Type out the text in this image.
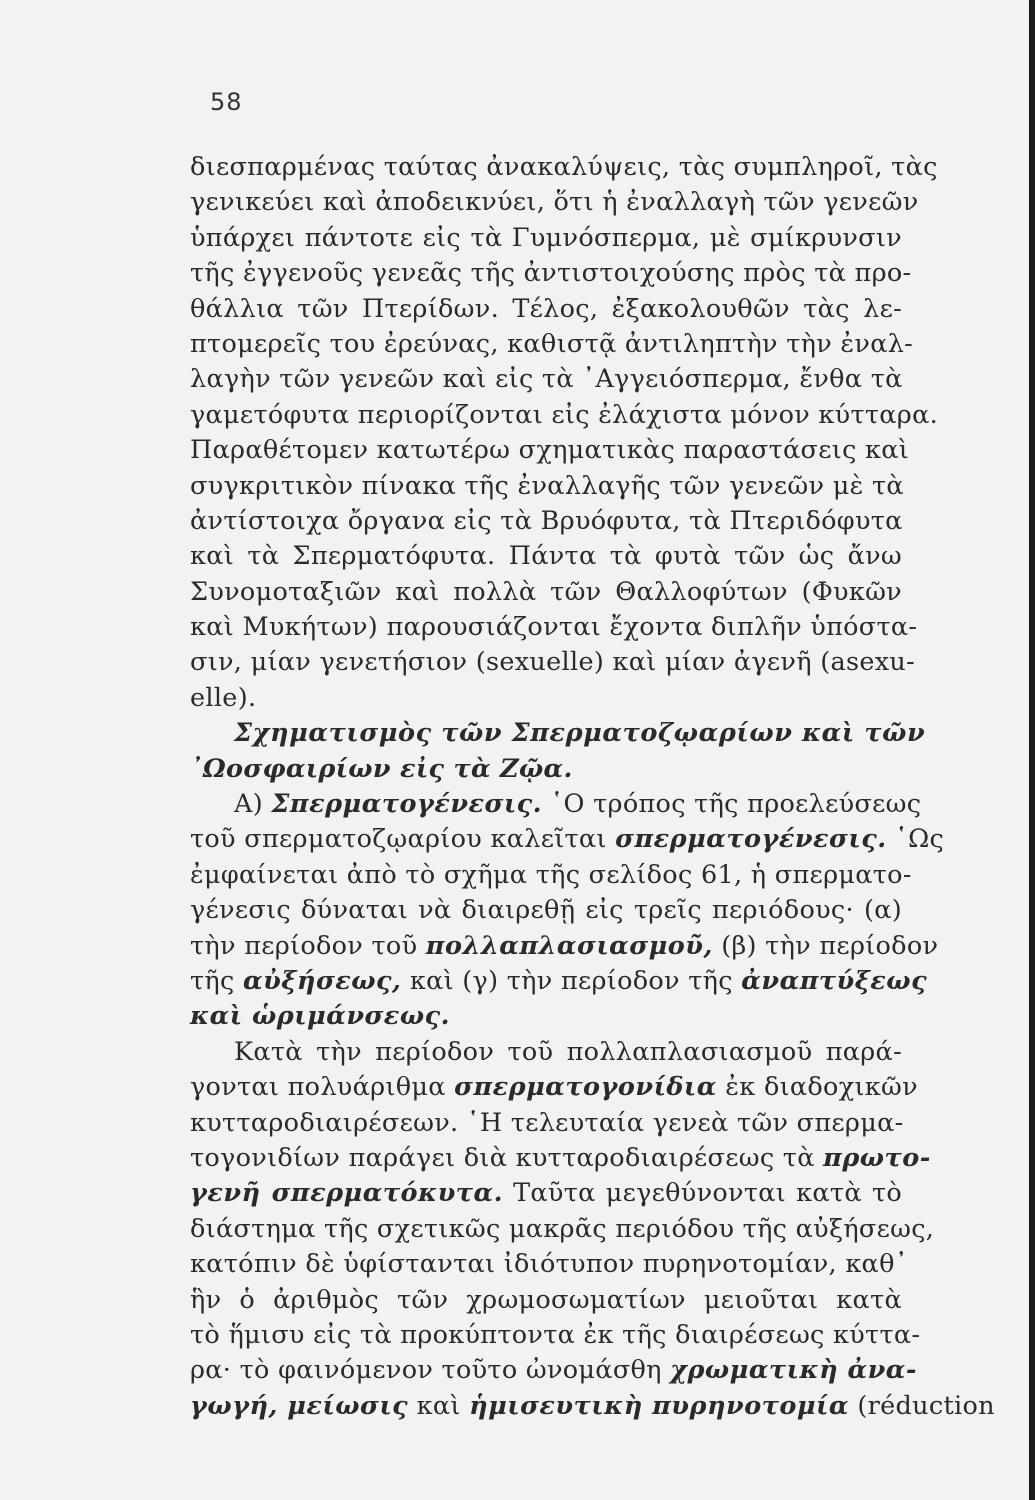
58
διεσπαρμένας ταύτας ἀνακαλύψεις, τὰς συμπληροῖ, τὰς
γενικεύει καὶ ἀποδεικνύει, ὅτι ἡ ἐναλλαγὴ τῶν γενεῶν
ὑπάρχει πάντοτε εἰς τὰ Γυμνόσπερμα, μὲ σμίκρυνσιν
τῆς ἐγγενοῦς γενεᾶς τῆς ἀντιστοιχούσης πρὸς τὰ προ-
θάλλια τῶν Πτερίδων. Τέλος, ἐξακολουθῶν τὰς λε-
πτομερεῖς του ἐρεύνας, καθιστᾷ ἀντιληπτὴν τὴν ἐναλ-
λαγὴν τῶν γενεῶν καὶ εἰς τὰ ᾿Αγγειόσπερμα, ἔνθα τὰ
γαμετόφυτα περιορίζονται εἰς ἐλάχιστα μόνον κύτταρα.
Παραθέτομεν κατωτέρω σχηματικὰς παραστάσεις καὶ
συγκριτικὸν πίνακα τῆς ἐναλλαγῆς τῶν γενεῶν μὲ τὰ
ἀντίστοιχα ὄργανα εἰς τὰ Βρυόφυτα, τὰ Πτεριδόφυτα
καὶ τὰ Σπερματόφυτα. Πάντα τὰ φυτὰ τῶν ὡς ἄνω
Συνομοταξιῶν καὶ πολλὰ τῶν Θαλλοφύτων (Φυκῶν
καὶ Μυκήτων) παρουσιάζονται ἔχοντα διπλῆν ὑπόστα-
σιν, μίαν γενετήσιον (sexuelle) καὶ μίαν ἀγενῆ (asexu-
elle).
Σχηματισμὸς τῶν Σπερματοζῳαρίων καὶ τῶν
᾿Ωοσφαιρίων εἰς τὰ Ζῷα.
Α) Σπερματογένεσις. ῾Ο τρόπος τῆς προελεύσεως
τοῦ σπερματοζῳαρίου καλεῖται σπερματογένεσις. ῾Ως
ἐμφαίνεται ἀπὸ τὸ σχῆμα τῆς σελίδος 61, ἡ σπερματο-
γένεσις δύναται νὰ διαιρεθῇ εἰς τρεῖς περιόδους· (α)
τὴν περίοδον τοῦ πολλαπλασιασμοῦ, (β) τὴν περίοδον
τῆς αὐξήσεως, καὶ (γ) τὴν περίοδον τῆς ἀναπτύξεως
καὶ ὡριμάνσεως.
Κατὰ τὴν περίοδον τοῦ πολλαπλασιασμοῦ παρά-
γονται πολυάριθμα σπερματογονίδια ἐκ διαδοχικῶν
κυτταροδιαιρέσεων. ῾Η τελευταία γενεὰ τῶν σπερμα-
τογονιδίων παράγει διὰ κυτταροδιαιρέσεως τὰ πρωτο-
γενῆ σπερματόκυτα. Ταῦτα μεγεθύνονται κατὰ τὸ
διάστημα τῆς σχετικῶς μακρᾶς περιόδου τῆς αὐξήσεως,
κατόπιν δὲ ὑφίστανται ἰδιότυπον πυρηνοτομίαν, καθ᾿
ἣν ὁ ἀριθμὸς τῶν χρωμοσωματίων μειοῦται κατὰ
τὸ ἥμισυ εἰς τὰ προκύπτοντα ἐκ τῆς διαιρέσεως κύττα-
ρα· τὸ φαινόμενον τοῦτο ὠνομάσθη χρωματικὴ ἀνα-
γωγή, μείωσις καὶ ἡμισευτικὴ πυρηνοτομία (réduction
